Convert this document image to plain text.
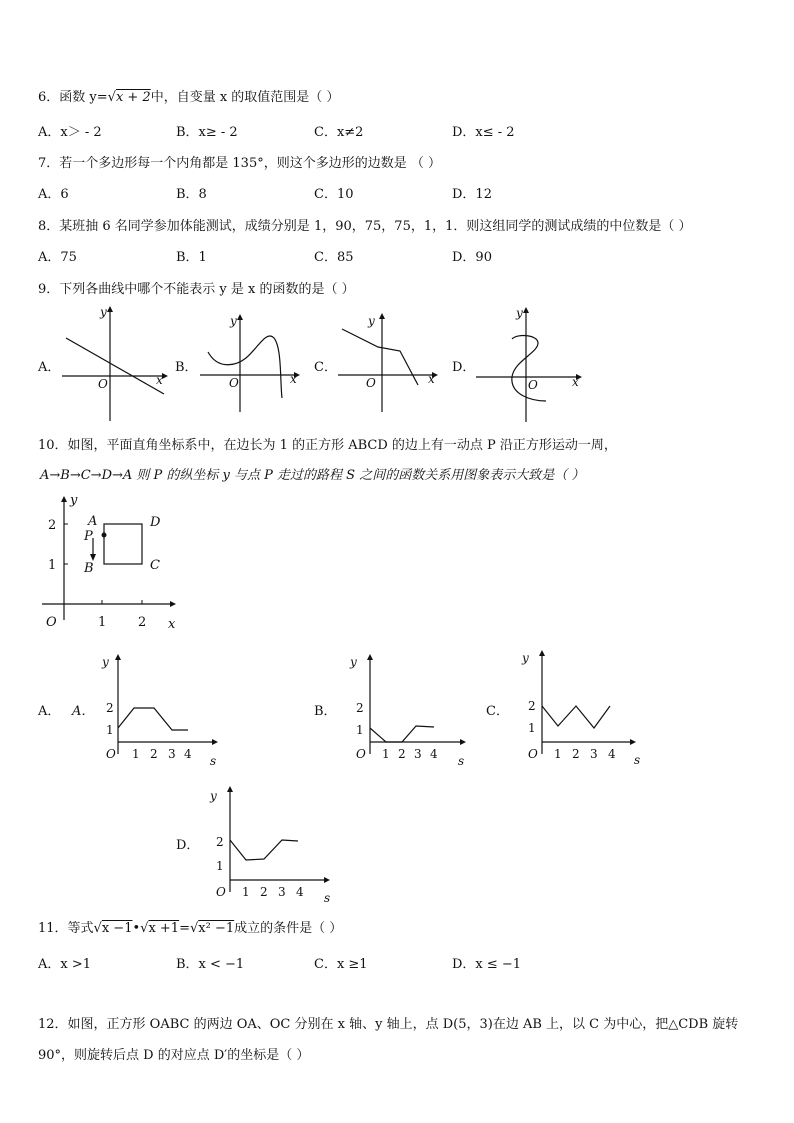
6．函数 y=√x + 2中，自变量 x 的取值范围是（ ）
A．x＞ - 2	B．x≥ - 2	C．x≠2	D．x≤ - 2
7．若一个多边形每一个内角都是 135°，则这个多边形的边数是 （ ）
A．6	B．8	C．10	D．12
8．某班抽 6 名同学参加体能测试，成绩分别是 1，90，75，75，1，1．则这组同学的测试成绩的中位数是（ ）
A．75	B．1	C．85	D．90
9．下列各曲线中哪个不能表示 y 是 x 的函数的是（ ）
A．
y
x
O
B．
y
x
O
C．
y
x
O
D．
y
x
O
10．如图，平面直角坐标系中，在边长为 1 的正方形 ABCD 的边上有一动点 P 沿正方形运动一周，
A→B→C→D→A 则 P 的纵坐标 y 与点 P 走过的路程 S 之间的函数关系用图象表示大致是（ ）
A
B	C
D
P
O	x
y
1 2
1
2
A． A．
y
s
O
1
2
1 2 3 4
B．
y
s
O
1
2
1 2 3 4
C．
y
s
O
1
2
1 2 3 4
D．
y
s
O
1
2
1 2 3 4
11．等式√x −1•√x +1=√x² −1成立的条件是（ ）
A．x >1	B．x < −1	C．x ≥1	D．x ≤ −1
12．如图，正方形 OABC 的两边 OA、OC 分别在 x 轴、y 轴上，点 D(5，3)在边 AB 上，以 C 为中心，把△CDB 旋转
90°，则旋转后点 D 的对应点 D′的坐标是（ ）
